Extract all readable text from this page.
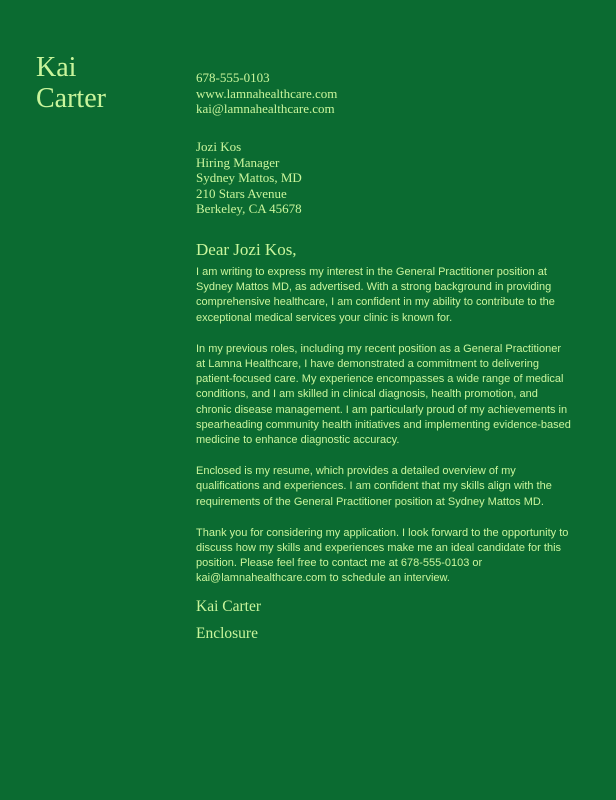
Kai
Carter
678-555-0103
www.lamnahealthcare.com
kai@lamnahealthcare.com
Jozi Kos
Hiring Manager
Sydney Mattos, MD
210 Stars Avenue
Berkeley, CA 45678
Dear Jozi Kos,

I am writing to express my interest in the General Practitioner position at Sydney Mattos MD, as advertised. With a strong background in providing comprehensive healthcare, I am confident in my ability to contribute to the exceptional medical services your clinic is known for.

In my previous roles, including my recent position as a General Practitioner at Lamna Healthcare, I have demonstrated a commitment to delivering patient-focused care. My experience encompasses a wide range of medical conditions, and I am skilled in clinical diagnosis, health promotion, and chronic disease management. I am particularly proud of my achievements in spearheading community health initiatives and implementing evidence-based medicine to enhance diagnostic accuracy.

Enclosed is my resume, which provides a detailed overview of my qualifications and experiences. I am confident that my skills align with the requirements of the General Practitioner position at Sydney Mattos MD.

Thank you for considering my application. I look forward to the opportunity to discuss how my skills and experiences make me an ideal candidate for this position. Please feel free to contact me at 678-555-0103 or kai@lamnahealthcare.com to schedule an interview.

Kai Carter
Enclosure
